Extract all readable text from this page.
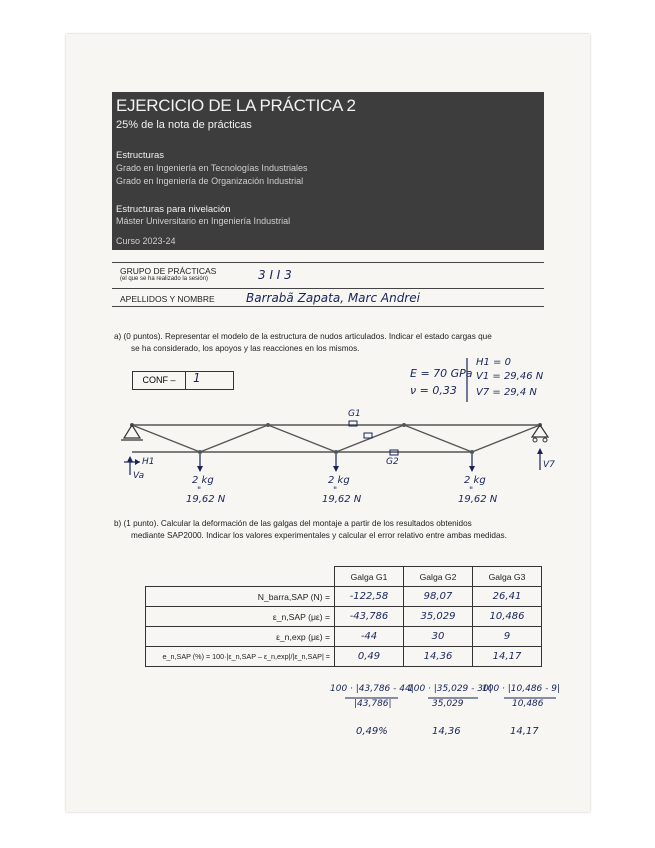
EJERCICIO DE LA PRÁCTICA 2
25% de la nota de prácticas
Estructuras
Grado en Ingeniería en Tecnologías Industriales
Grado en Ingeniería de Organización Industrial
Estructuras para nivelación
Máster Universitario en Ingeniería Industrial
Curso 2023-24
GRUPO DE PRÁCTICAS
(el que se ha realizado la sesión)	3 I I 3
APELLIDOS Y NOMBRE	Barrabã Zapata, Marc Andrei
a) (0 puntos). Representar el modelo de la estructura de nudos articulados. Indicar el estado cargas que
se ha considerado, los apoyos y las reacciones en los mismos.
CONF –	1	E = 70 GPa
ν = 0,33
H1 = 0
V1 = 29,46 N
V7 = 29,4 N
G1
G2
H1
Va
V7
2 kg
"
19,62 N
2 kg
"
19,62 N
2 kg
"
19,62 N
b) (1 punto). Calcular la deformación de las galgas del montaje a partir de los resultados obtenidos
mediante SAP2000. Indicar los valores experimentales y calcular el error relativo entre ambas medidas.
	Galga G1	Galga G2	Galga G3
N_barra,SAP (N) =	-122,58	98,07	26,41
ε_n,SAP (με) =	-43,786	35,029	10,486
ε_n,exp (με) =	-44	30	9
e_n,SAP (%) = 100·|ε_n,SAP – ε_n,exp|/|ε_n,SAP| =	0,49	14,36	14,17
100 · |43,786 - 44|
|43,786|
0,49%
100 · |35,029 - 30|
35,029
14,36
100 · |10,486 - 9|
10,486
14,17
